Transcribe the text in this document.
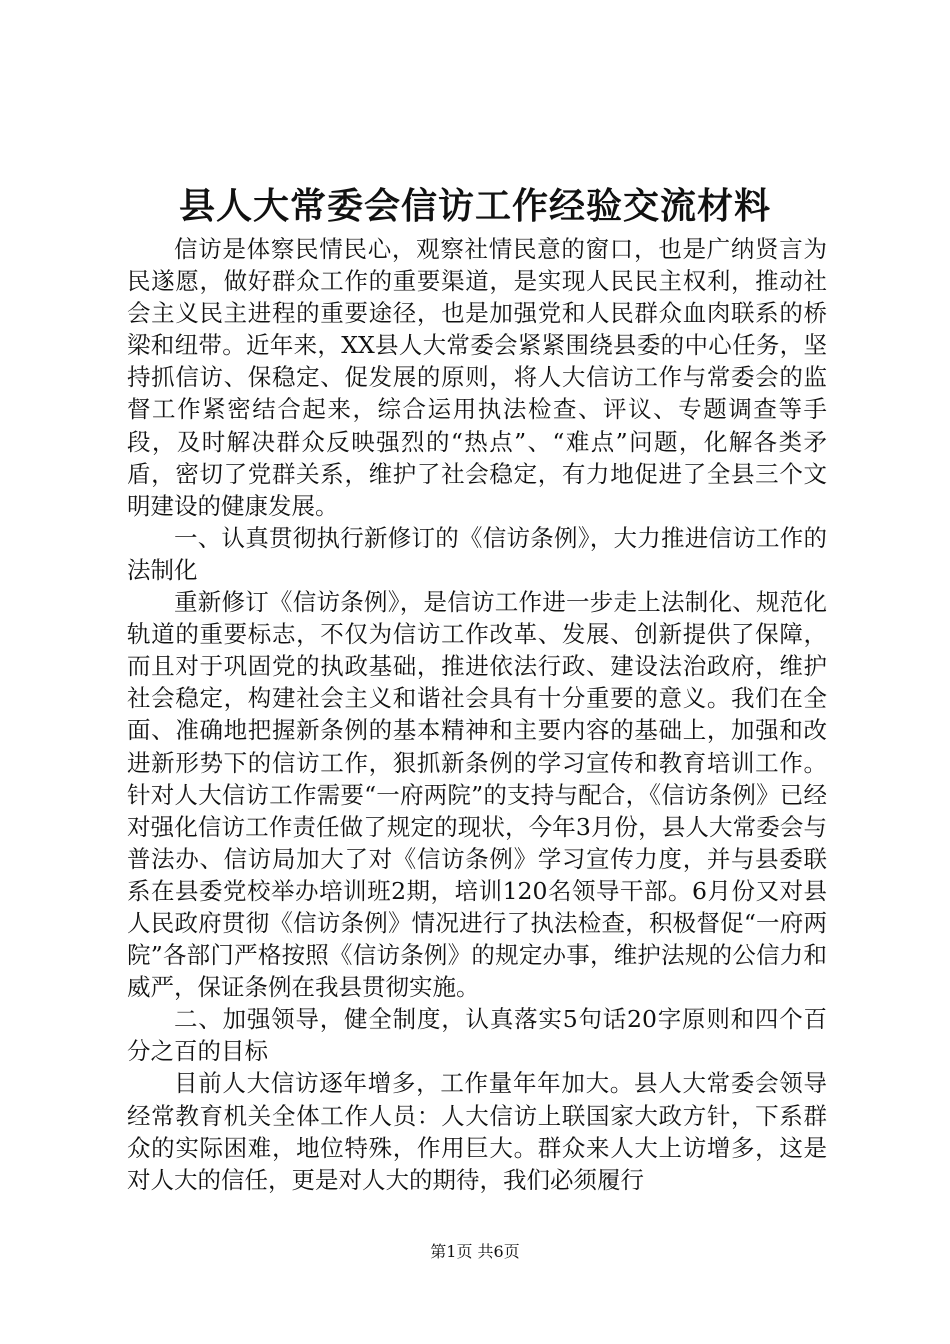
县人大常委会信访工作经验交流材料

信访是体察民情民心，观察社情民意的窗口，也是广纳贤言为民遂愿，做好群众工作的重要渠道，是实现人民民主权利，推动社会主义民主进程的重要途径，也是加强党和人民群众血肉联系的桥梁和纽带。近年来，XX县人大常委会紧紧围绕县委的中心任务，坚持抓信访、保稳定、促发展的原则，将人大信访工作与常委会的监督工作紧密结合起来，综合运用执法检查、评议、专题调查等手段，及时解决群众反映强烈的“热点”、“难点”问题，化解各类矛盾，密切了党群关系，维护了社会稳定，有力地促进了全县三个文明建设的健康发展。

一、认真贯彻执行新修订的《信访条例》，大力推进信访工作的法制化

重新修订《信访条例》，是信访工作进一步走上法制化、规范化轨道的重要标志，不仅为信访工作改革、发展、创新提供了保障，而且对于巩固党的执政基础，推进依法行政、建设法治政府，维护社会稳定，构建社会主义和谐社会具有十分重要的意义。我们在全面、准确地把握新条例的基本精神和主要内容的基础上，加强和改进新形势下的信访工作，狠抓新条例的学习宣传和教育培训工作。针对人大信访工作需要“一府两院”的支持与配合，《信访条例》已经对强化信访工作责任做了规定的现状，今年3月份，县人大常委会与普法办、信访局加大了对《信访条例》学习宣传力度，并与县委联系在县委党校举办培训班2期，培训120名领导干部。6月份又对县人民政府贯彻《信访条例》情况进行了执法检查，积极督促“一府两院”各部门严格按照《信访条例》的规定办事，维护法规的公信力和威严，保证条例在我县贯彻实施。

二、加强领导，健全制度，认真落实5句话20字原则和四个百分之百的目标

目前人大信访逐年增多，工作量年年加大。县人大常委会领导经常教育机关全体工作人员：人大信访上联国家大政方针，下系群众的实际困难，地位特殊，作用巨大。群众来人大上访增多，这是对人大的信任，更是对人大的期待，我们必须履行

第1页 共6页
